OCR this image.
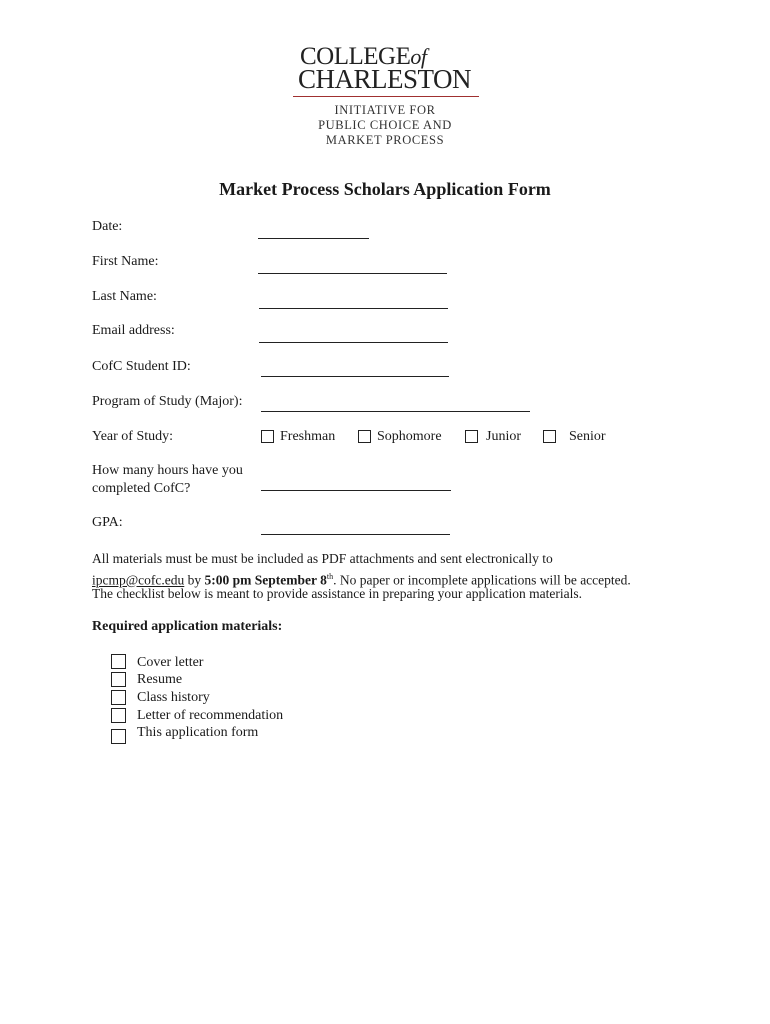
COLLEGEof
CHARLESTON
INITIATIVE FOR
PUBLIC CHOICE AND
MARKET PROCESS
Market Process Scholars Application Form
Date:
First Name:
Last Name:
Email address:
CofC Student ID:
Program of Study (Major):
Year of Study:	Freshman	Sophomore	Junior	Senior
How many hours have you
completed CofC?
GPA:
All materials must be must be included as PDF attachments and sent electronically to
ipcmp@cofc.edu by 5:00 pm September 8th. No paper or incomplete applications will be accepted.
The checklist below is meant to provide assistance in preparing your application materials.
Required application materials:
Cover letter
Resume
Class history
Letter of recommendation
This application form
